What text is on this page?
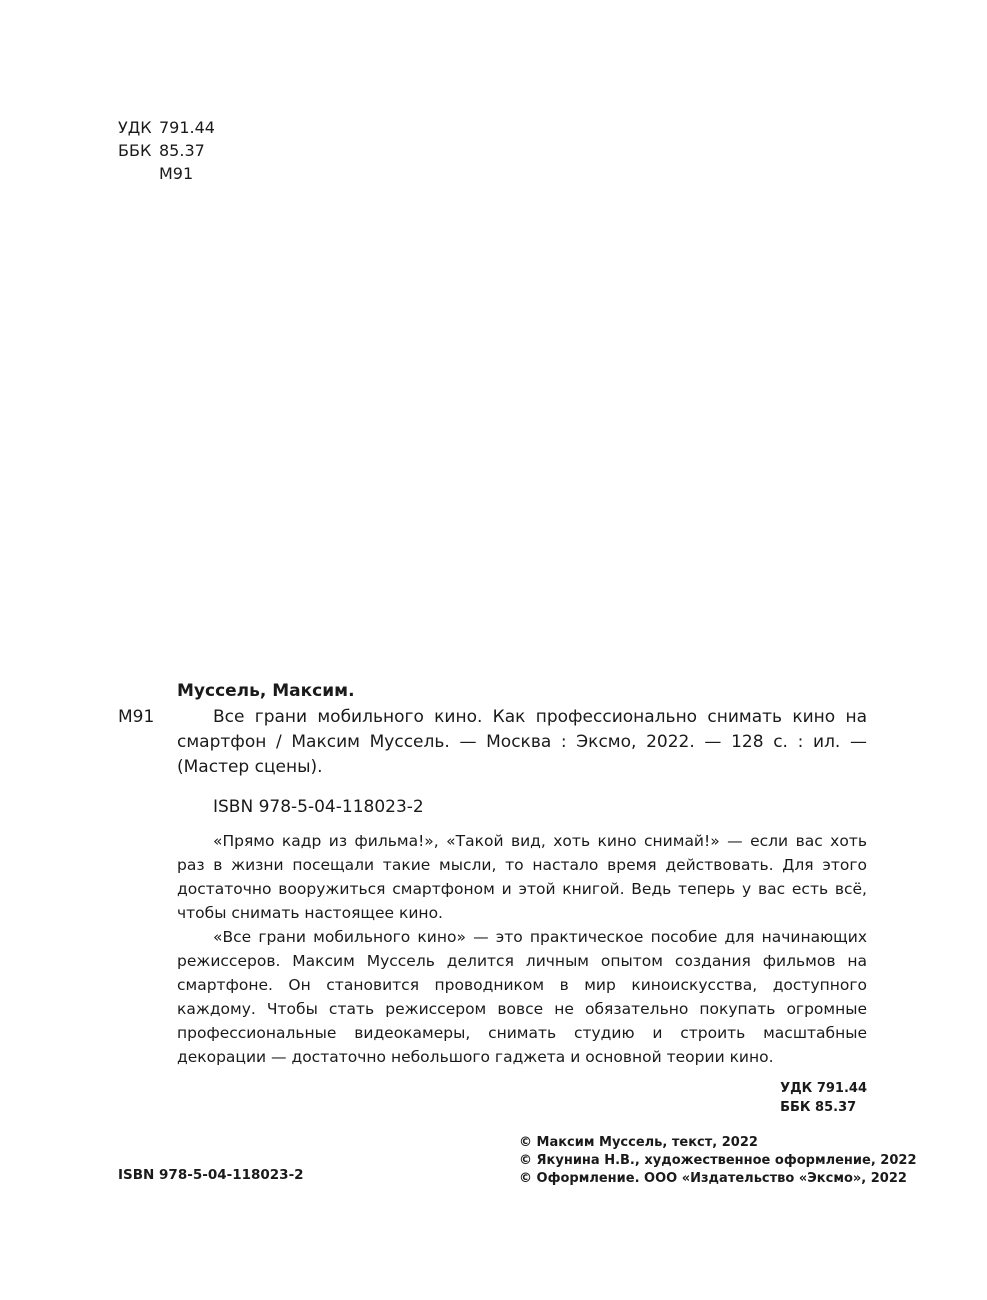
УДК 791.44
ББК 85.37
М91
Муссель, Максим.
М91	Все грани мобильного кино. Как профессионально снимать кино на смартфон / Максим Муссель. — Москва : Эксмо, 2022. — 128 с. : ил. — (Мастер сцены).
ISBN 978-5-04-118023-2

«Прямо кадр из фильма!», «Такой вид, хоть кино снимай!» — если вас хоть раз в жизни посещали такие мысли, то настало время действовать. Для этого достаточно вооружиться смартфоном и этой книгой. Ведь теперь у вас есть всё, чтобы снимать настоящее кино.

«Все грани мобильного кино» — это практическое пособие для начинающих режиссеров. Максим Муссель делится личным опытом создания фильмов на смартфоне. Он становится проводником в мир киноискусства, доступного каждому. Чтобы стать режиссером вовсе не обязательно покупать огромные профессиональные видеокамеры, снимать студию и строить масштабные декорации — достаточно небольшого гаджета и основной теории кино.

УДК 791.44
ББК 85.37
ISBN 978-5-04-118023-2
© Максим Муссель, текст, 2022
© Якунина Н.В., художественное оформление, 2022
© Оформление. ООО «Издательство «Эксмо», 2022
